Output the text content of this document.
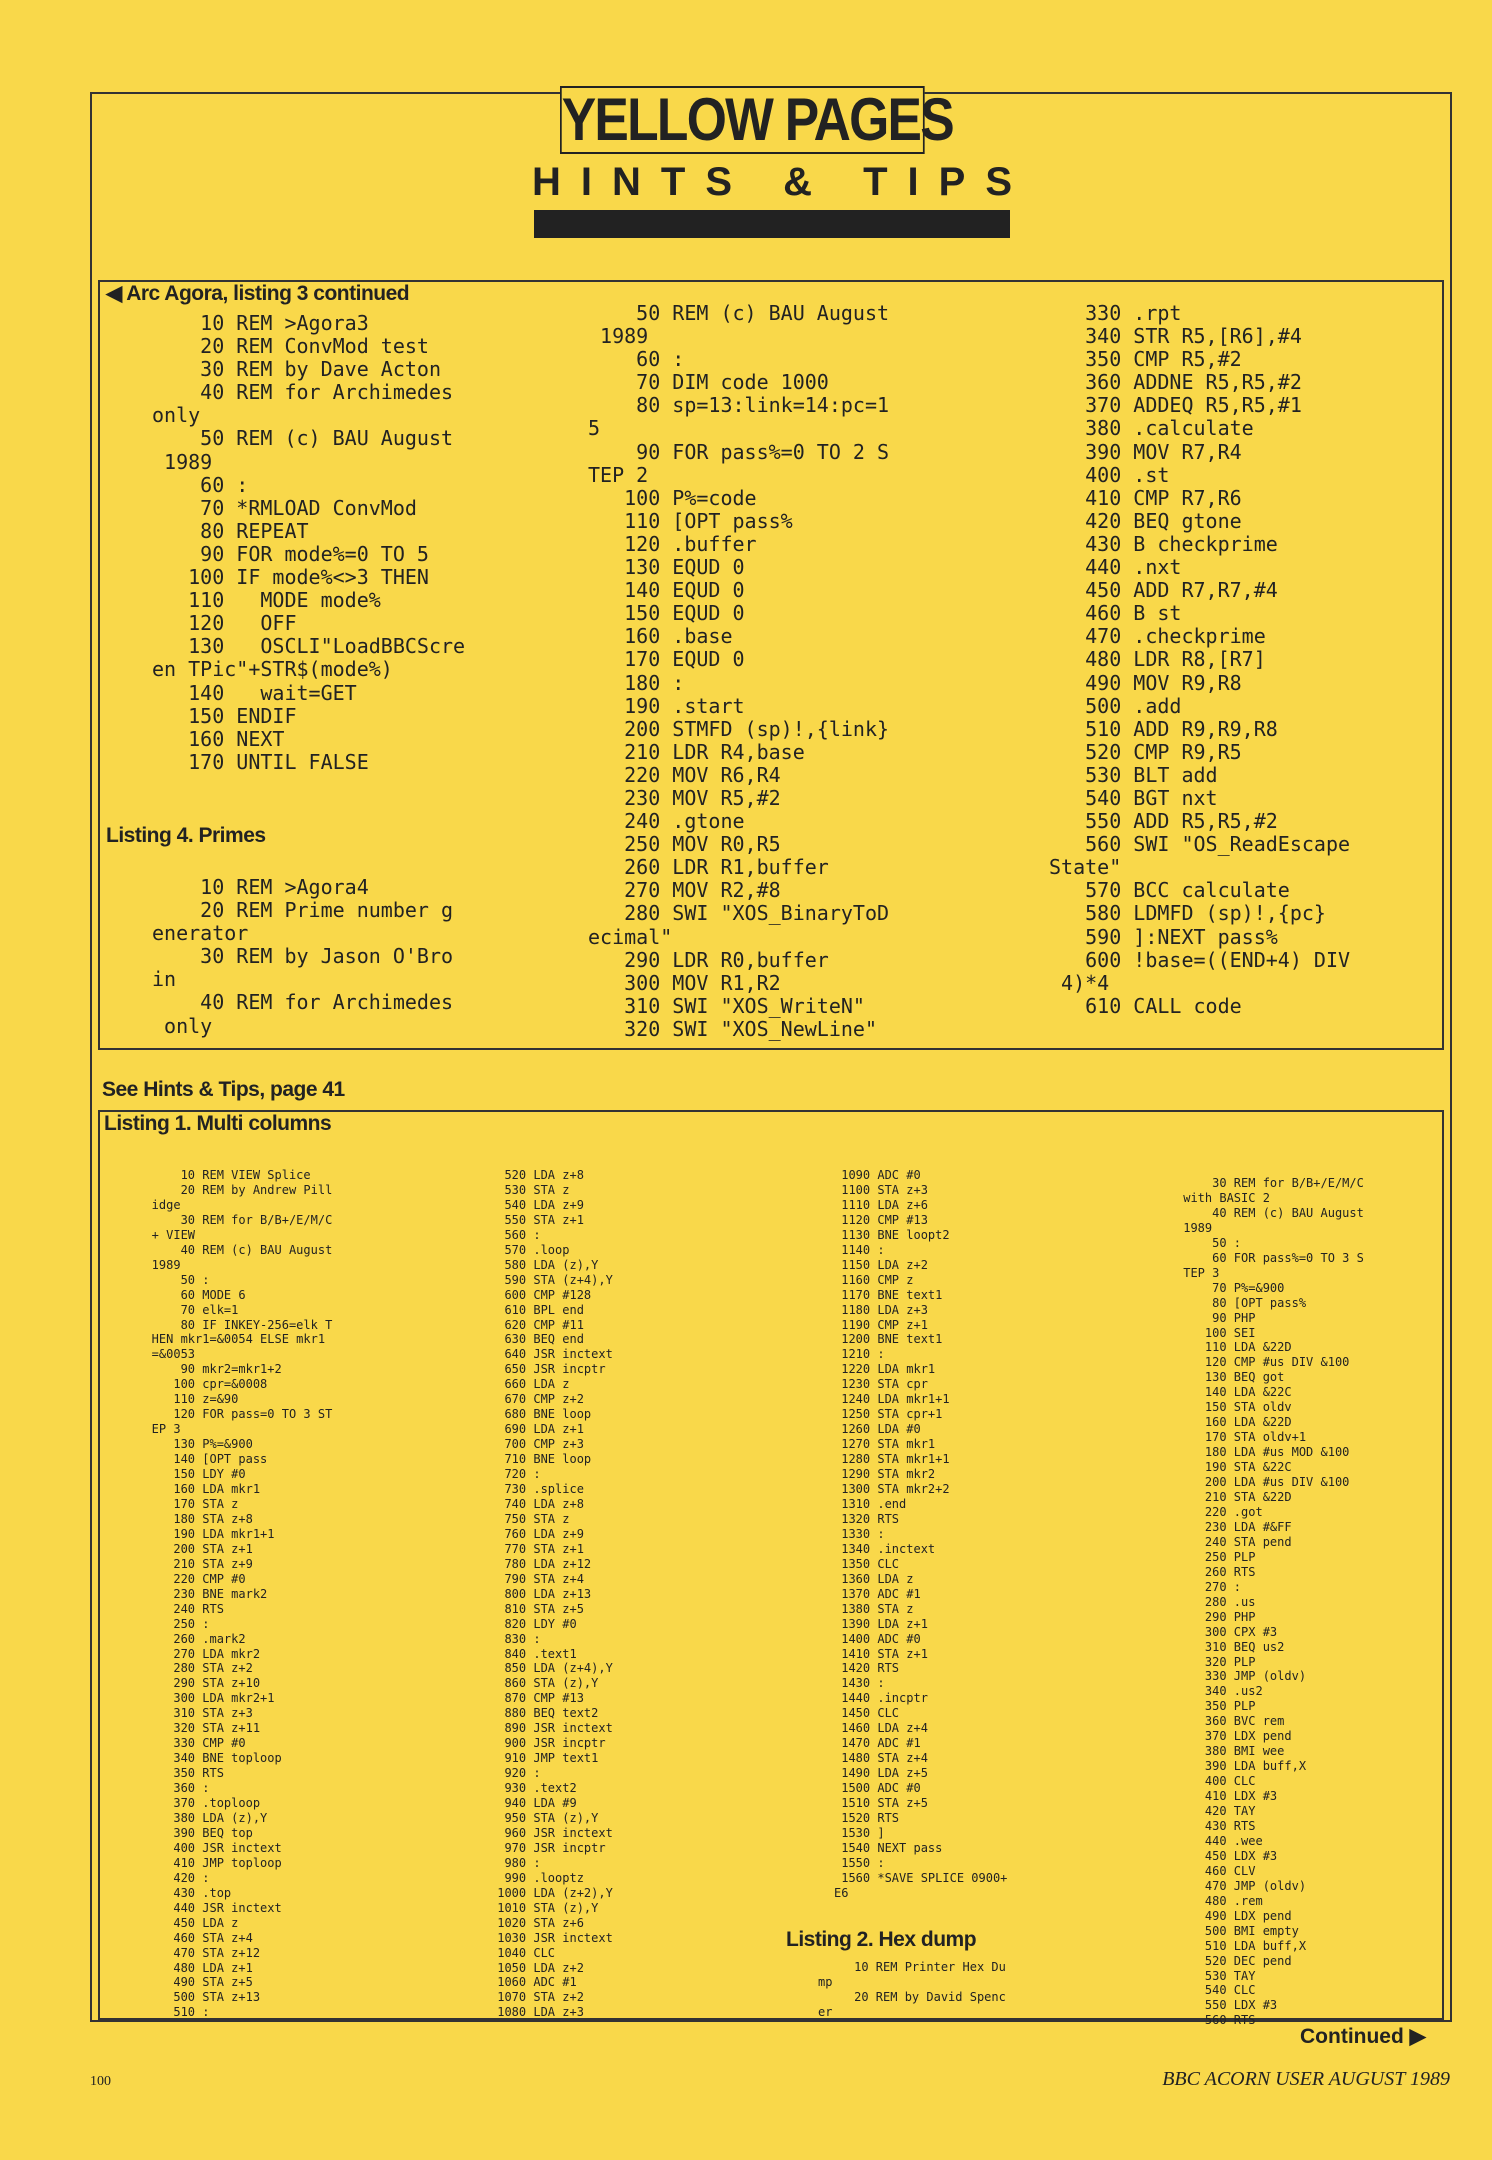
YELLOW PAGES
HINTS & TIPS
◀ Arc Agora, listing 3 continued
10 REM >Agora3
20 REM ConvMod test
30 REM by Dave Acton
40 REM for Archimedes
only
50 REM (c) BAU August
1989
60 :
70 *RMLOAD ConvMod
80 REPEAT
90 FOR mode%=0 TO 5
100 IF mode%<>3 THEN
110   MODE mode%
120   OFF
130   OSCLI"LoadBBCScre
en TPic"+STR$(mode%)
140   wait=GET
150 ENDIF
160 NEXT
170 UNTIL FALSE
Listing 4. Primes
10 REM >Agora4
20 REM Prime number g
enerator
30 REM by Jason O'Bro
in
40 REM for Archimedes
only
50 REM (c) BAU August
1989
60 :
70 DIM code 1000
80 sp=13:link=14:pc=1
5
90 FOR pass%=0 TO 2 S
TEP 2
100 P%=code
110 [OPT pass%
120 .buffer
130 EQUD 0
140 EQUD 0
150 EQUD 0
160 .base
170 EQUD 0
180 :
190 .start
200 STMFD (sp)!,{link}
210 LDR R4,base
220 MOV R6,R4
230 MOV R5,#2
240 .gtone
250 MOV R0,R5
260 LDR R1,buffer
270 MOV R2,#8
280 SWI "XOS_BinaryToD
ecimal"
290 LDR R0,buffer
300 MOV R1,R2
310 SWI "XOS_WriteN"
320 SWI "XOS_NewLine"
330 .rpt
340 STR R5,[R6],#4
350 CMP R5,#2
360 ADDNE R5,R5,#2
370 ADDEQ R5,R5,#1
380 .calculate
390 MOV R7,R4
400 .st
410 CMP R7,R6
420 BEQ gtone
430 B checkprime
440 .nxt
450 ADD R7,R7,#4
460 B st
470 .checkprime
480 LDR R8,[R7]
490 MOV R9,R8
500 .add
510 ADD R9,R9,R8
520 CMP R9,R5
530 BLT add
540 BGT nxt
550 ADD R5,R5,#2
560 SWI "OS_ReadEscape
State"
570 BCC calculate
580 LDMFD (sp)!,{pc}
590 ]:NEXT pass%
600 !base=((END+4) DIV
4)*4
610 CALL code
See Hints & Tips, page 41
Listing 1. Multi columns
10 REM VIEW Splice
20 REM by Andrew Pill
idge
30 REM for B/B+/E/M/C
+ VIEW
40 REM (c) BAU August
1989
50 :
60 MODE 6
70 elk=1
80 IF INKEY-256=elk T
HEN mkr1=&0054 ELSE mkr1
=&0053
90 mkr2=mkr1+2
100 cpr=&0008
110 z=&90
120 FOR pass=0 TO 3 ST
EP 3
130 P%=&900
140 [OPT pass
150 LDY #0
160 LDA mkr1
170 STA z
180 STA z+8
190 LDA mkr1+1
200 STA z+1
210 STA z+9
220 CMP #0
230 BNE mark2
240 RTS
250 :
260 .mark2
270 LDA mkr2
280 STA z+2
290 STA z+10
300 LDA mkr2+1
310 STA z+3
320 STA z+11
330 CMP #0
340 BNE toploop
350 RTS
360 :
370 .toploop
380 LDA (z),Y
390 BEQ top
400 JSR inctext
410 JMP toploop
420 :
430 .top
440 JSR inctext
450 LDA z
460 STA z+4
470 STA z+12
480 LDA z+1
490 STA z+5
500 STA z+13
510 :
520 LDA z+8
530 STA z
540 LDA z+9
550 STA z+1
560 :
570 .loop
580 LDA (z),Y
590 STA (z+4),Y
600 CMP #128
610 BPL end
620 CMP #11
630 BEQ end
640 JSR inctext
650 JSR incptr
660 LDA z
670 CMP z+2
680 BNE loop
690 LDA z+1
700 CMP z+3
710 BNE loop
720 :
730 .splice
740 LDA z+8
750 STA z
760 LDA z+9
770 STA z+1
780 LDA z+12
790 STA z+4
800 LDA z+13
810 STA z+5
820 LDY #0
830 :
840 .text1
850 LDA (z+4),Y
860 STA (z),Y
870 CMP #13
880 BEQ text2
890 JSR inctext
900 JSR incptr
910 JMP text1
920 :
930 .text2
940 LDA #9
950 STA (z),Y
960 JSR inctext
970 JSR incptr
980 :
990 .looptz
1000 LDA (z+2),Y
1010 STA (z),Y
1020 STA z+6
1030 JSR inctext
1040 CLC
1050 LDA z+2
1060 ADC #1
1070 STA z+2
1080 LDA z+3
1090 ADC #0
1100 STA z+3
1110 LDA z+6
1120 CMP #13
1130 BNE loopt2
1140 :
1150 LDA z+2
1160 CMP z
1170 BNE text1
1180 LDA z+3
1190 CMP z+1
1200 BNE text1
1210 :
1220 LDA mkr1
1230 STA cpr
1240 LDA mkr1+1
1250 STA cpr+1
1260 LDA #0
1270 STA mkr1
1280 STA mkr1+1
1290 STA mkr2
1300 STA mkr2+2
1310 .end
1320 RTS
1330 :
1340 .inctext
1350 CLC
1360 LDA z
1370 ADC #1
1380 STA z
1390 LDA z+1
1400 ADC #0
1410 STA z+1
1420 RTS
1430 :
1440 .incptr
1450 CLC
1460 LDA z+4
1470 ADC #1
1480 STA z+4
1490 LDA z+5
1500 ADC #0
1510 STA z+5
1520 RTS
1530 ]
1540 NEXT pass
1550 :
1560 *SAVE SPLICE 0900+
E6
Listing 2. Hex dump
10 REM Printer Hex Du
mp
20 REM by David Spenc
er
30 REM for B/B+/E/M/C
with BASIC 2
40 REM (c) BAU August
1989
50 :
60 FOR pass%=0 TO 3 S
TEP 3
70 P%=&900
80 [OPT pass%
90 PHP
100 SEI
110 LDA &22D
120 CMP #us DIV &100
130 BEQ got
140 LDA &22C
150 STA oldv
160 LDA &22D
170 STA oldv+1
180 LDA #us MOD &100
190 STA &22C
200 LDA #us DIV &100
210 STA &22D
220 .got
230 LDA #&FF
240 STA pend
250 PLP
260 RTS
270 :
280 .us
290 PHP
300 CPX #3
310 BEQ us2
320 PLP
330 JMP (oldv)
340 .us2
350 PLP
360 BVC rem
370 LDX pend
380 BMI wee
390 LDA buff,X
400 CLC
410 LDX #3
420 TAY
430 RTS
440 .wee
450 LDX #3
460 CLV
470 JMP (oldv)
480 .rem
490 LDX pend
500 BMI empty
510 LDA buff,X
520 DEC pend
530 TAY
540 CLC
550 LDX #3
560 RTS
Continued ▶
100	BBC ACORN USER AUGUST 1989
